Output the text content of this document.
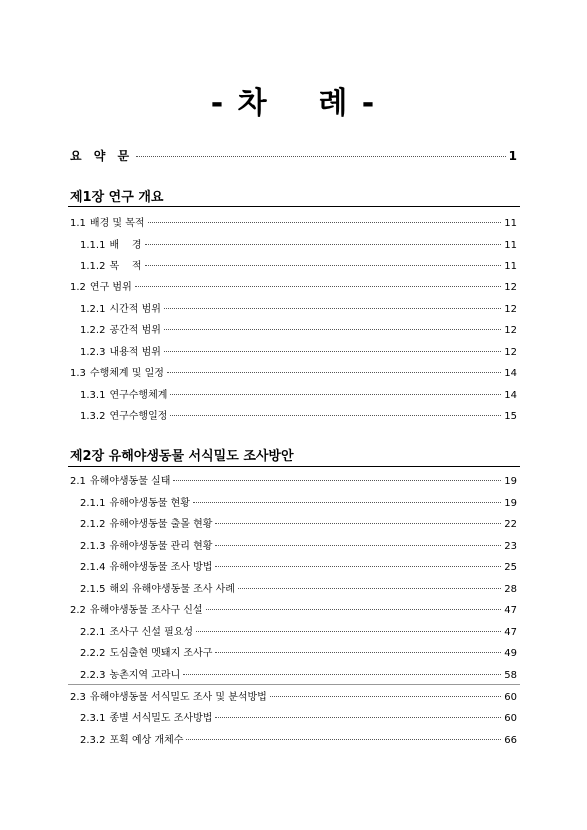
- 차    례 -
요 약 문	1
제1장 연구 개요
1.1 배경 및 목적	11
1.1.1 배    경	11
1.1.2 목    적	11
1.2 연구 범위	12
1.2.1 시간적 범위	12
1.2.2 공간적 범위	12
1.2.3 내용적 범위	12
1.3 수행체계 및 일정	14
1.3.1 연구수행체계	14
1.3.2 연구수행일정	15
제2장 유해야생동물 서식밀도 조사방안
2.1 유해야생동물 실태	19
2.1.1 유해야생동물 현황	19
2.1.2 유해야생동물 출몰 현황	22
2.1.3 유해야생동물 관리 현황	23
2.1.4 유해야생동물 조사 방법	25
2.1.5 해외 유해야생동물 조사 사례	28
2.2 유해야생동물 조사구 신설	47
2.2.1 조사구 신설 필요성	47
2.2.2 도심출현 멧돼지 조사구	49
2.2.3 농촌지역 고라니	58
2.3 유해야생동물 서식밀도 조사 및 분석방법	60
2.3.1 종별 서식밀도 조사방법	60
2.3.2 포획 예상 개체수	66
